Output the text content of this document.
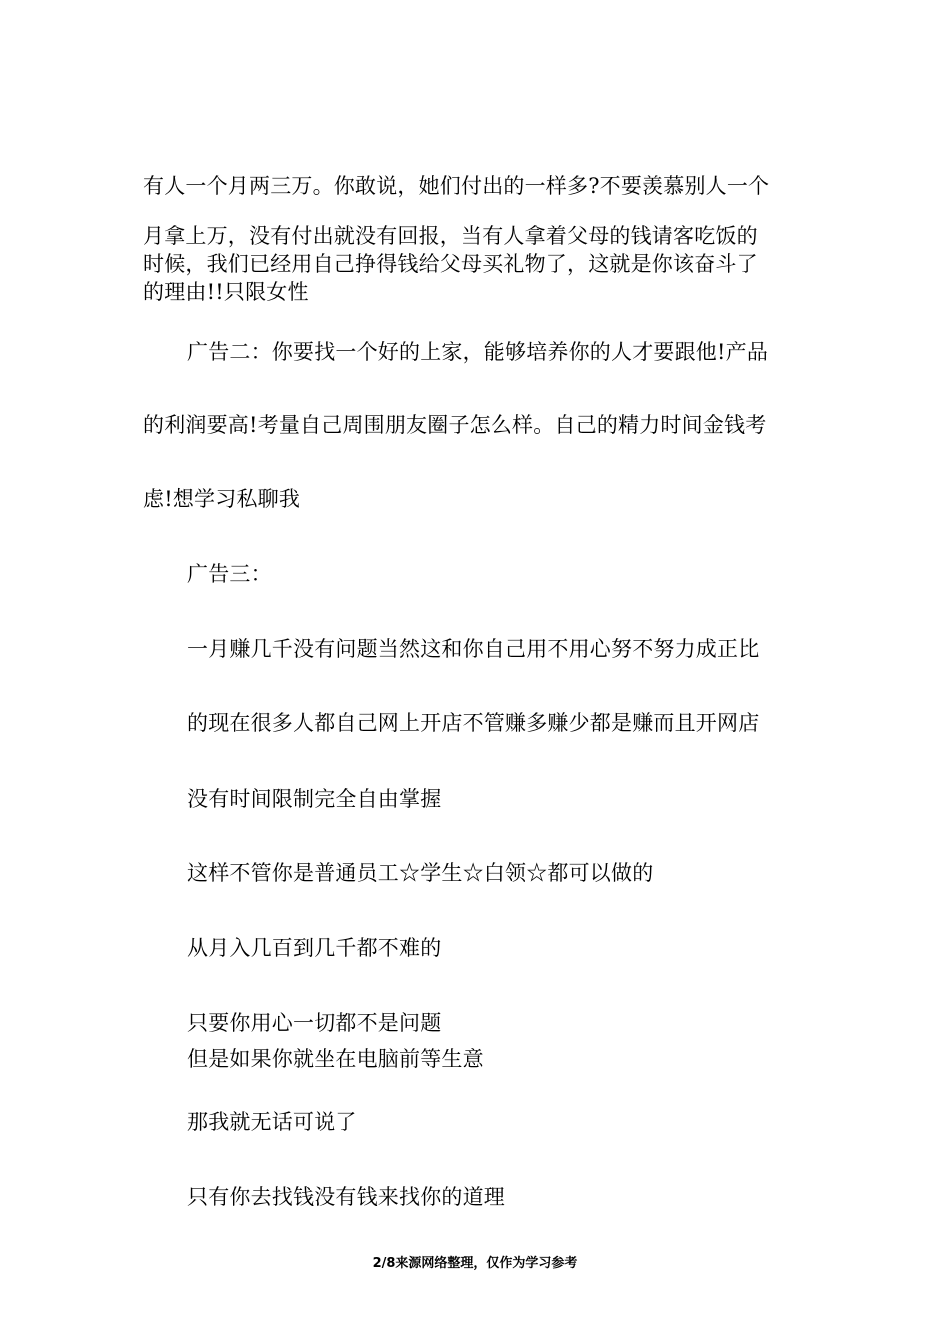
有人一个月两三万。你敢说，她们付出的一样多?不要羡慕别人一个
月拿上万，没有付出就没有回报，当有人拿着父母的钱请客吃饭的
时候，我们已经用自己挣得钱给父母买礼物了，这就是你该奋斗了
的理由!!只限女性
广告二：你要找一个好的上家，能够培养你的人才要跟他!产品
的利润要高!考量自己周围朋友圈子怎么样。自己的精力时间金钱考
虑!想学习私聊我
广告三：
一月赚几千没有问题当然这和你自己用不用心努不努力成正比
的现在很多人都自己网上开店不管赚多赚少都是赚而且开网店
没有时间限制完全自由掌握
这样不管你是普通员工☆学生☆白领☆都可以做的
从月入几百到几千都不难的
只要你用心一切都不是问题
但是如果你就坐在电脑前等生意
那我就无话可说了
只有你去找钱没有钱来找你的道理
2/8来源网络整理，仅作为学习参考
